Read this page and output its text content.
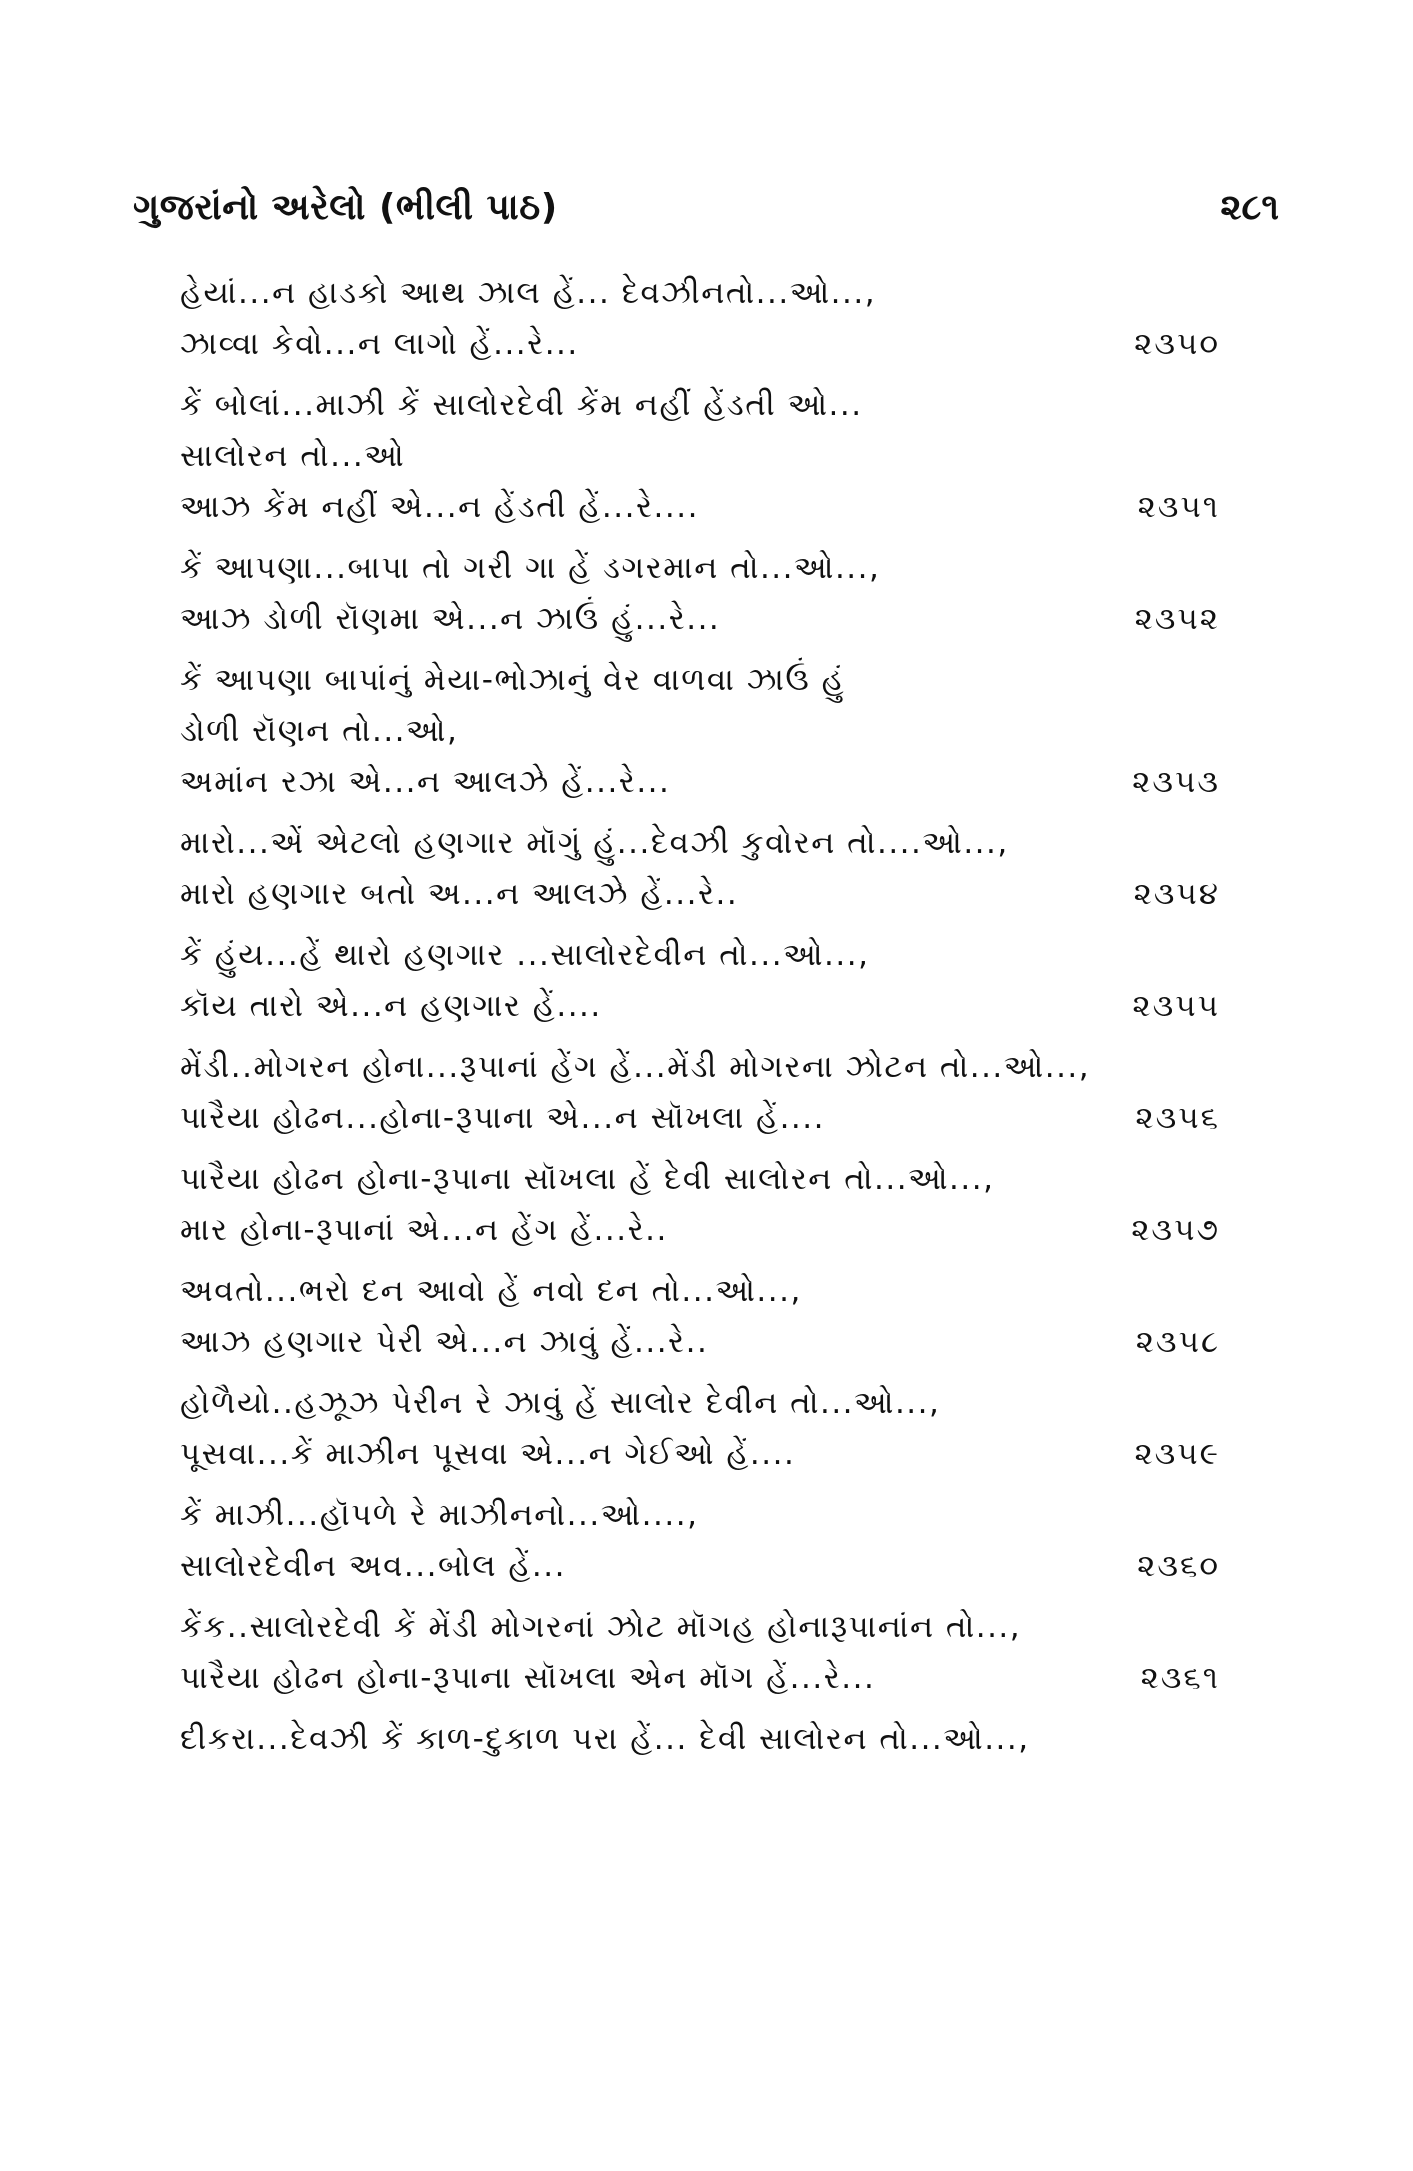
ગુજરાંનો અરેલો (ભીલી પાઠ)	૨૮૧
હેયાં...ન હાડકો આથ ઝાલ હેં... દેવઝીનતો...ઓ...,
ઝાવ્વા કેવો...ન લાગો હેં...રે...	૨૩૫૦
કેં બોલાં...માઝી કેં સાલોરદેવી કેંમ નહીં હેંડતી ઓ...
સાલોરન તો...ઓ
આઝ કેંમ નહીં એ...ન હેંડતી હેં...રે....	૨૩૫૧
કેં આપણા...બાપા તો ગરી ગા હેં ડગરમાન તો...ઓ...,
આઝ ડોળી રૉણમા એ...ન ઝાઉં હું...રે...	૨૩૫૨
કેં આપણા બાપાંનું મેયા-ભોઝાનું વેર વાળવા ઝાઉં હું
ડોળી રૉણન તો...ઓ,
અમાંન રઝા એ...ન આલઝે હેં...રે...	૨૩૫૩
મારો...એં એટલો હણગાર મૉગું હું...દેવઝી કુવોરન તો....ઓ...,
મારો હણગાર બતો અ...ન આલઝે હેં...રે..	૨૩૫૪
કેં હુંય...હેં થારો હણગાર ...સાલોરદેવીન તો...ઓ...,
કૉય તારો એ...ન હણગાર હેં....	૨૩૫૫
મેંડી..મોગરન હોના...રૂપાનાં હેંગ હેં...મેંડી મોગરના ઝોટન તો...ઓ...,
પારૈયા હોઢન...હોના-રૂપાના એ...ન સૉખલા હેં....	૨૩૫૬
પારૈયા હોઢન હોના-રૂપાના સૉખલા હેં દેવી સાલોરન તો...ઓ...,
માર હોના-રૂપાનાં એ...ન હેંગ હેં...રે..	૨૩૫૭
અવતો...ભરો દન આવો હેં નવો દન તો...ઓ...,
આઝ હણગાર પેરી એ...ન ઝાવું હેં...રે..	૨૩૫૮
હોળૈયો..હઝૂઝ પેરીન રે ઝાવું હેં સાલોર દેવીન તો...ઓ...,
પૂસવા...કેં માઝીન પૂસવા એ...ન ગેઈઓ હેં....	૨૩૫૯
કેં માઝી...હૉપળે રે માઝીનનો...ઓ....,
સાલોરદેવીન અવ...બોલ હેં...	૨૩૬૦
કેંક..સાલોરદેવી કેં મેંડી મોગરનાં ઝોટ મૉગહ હોનારૂપાનાંન તો...,
પારૈયા હોઢન હોના-રૂપાના સૉખલા એન મૉગ હેં...રે...	૨૩૬૧
દીકરા...દેવઝી કેં કાળ-દુકાળ પરા હેં... દેવી સાલોરન તો...ઓ...,
